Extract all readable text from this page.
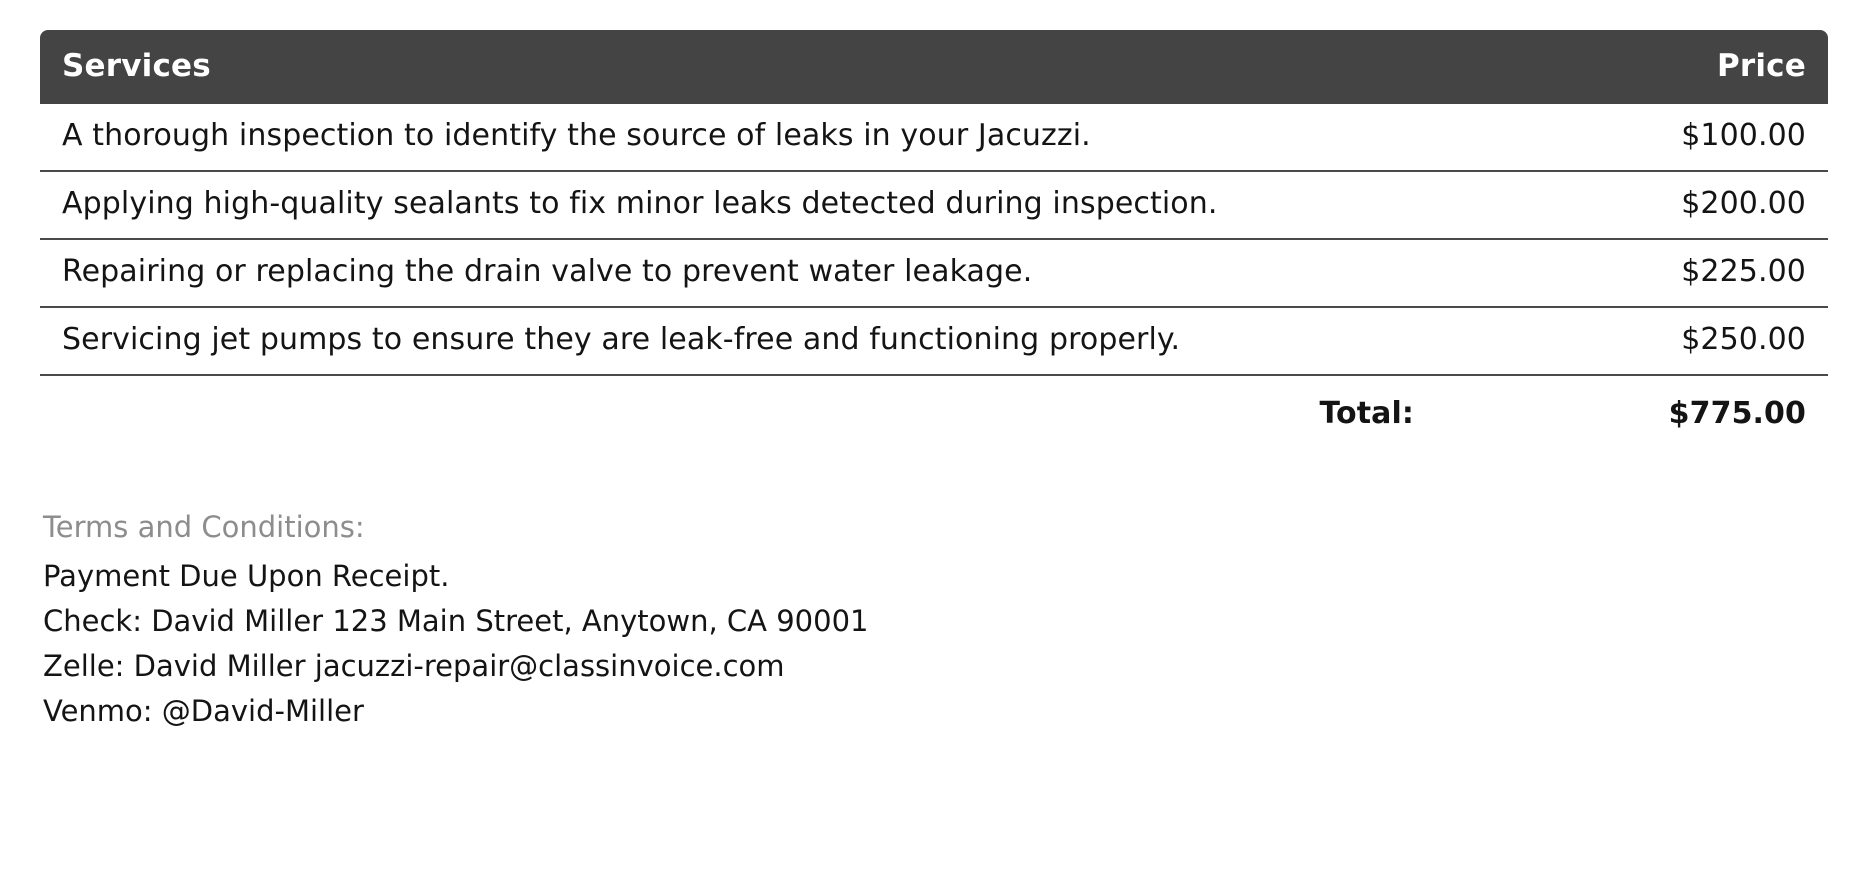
Services	Price
A thorough inspection to identify the source of leaks in your Jacuzzi.	$100.00
Applying high-quality sealants to fix minor leaks detected during inspection.	$200.00
Repairing or replacing the drain valve to prevent water leakage.	$225.00
Servicing jet pumps to ensure they are leak-free and functioning properly.	$250.00
Total:	$775.00
Terms and Conditions:
Payment Due Upon Receipt.
Check: David Miller 123 Main Street, Anytown, CA 90001
Zelle: David Miller jacuzzi-repair@classinvoice.com
Venmo: @David-Miller
